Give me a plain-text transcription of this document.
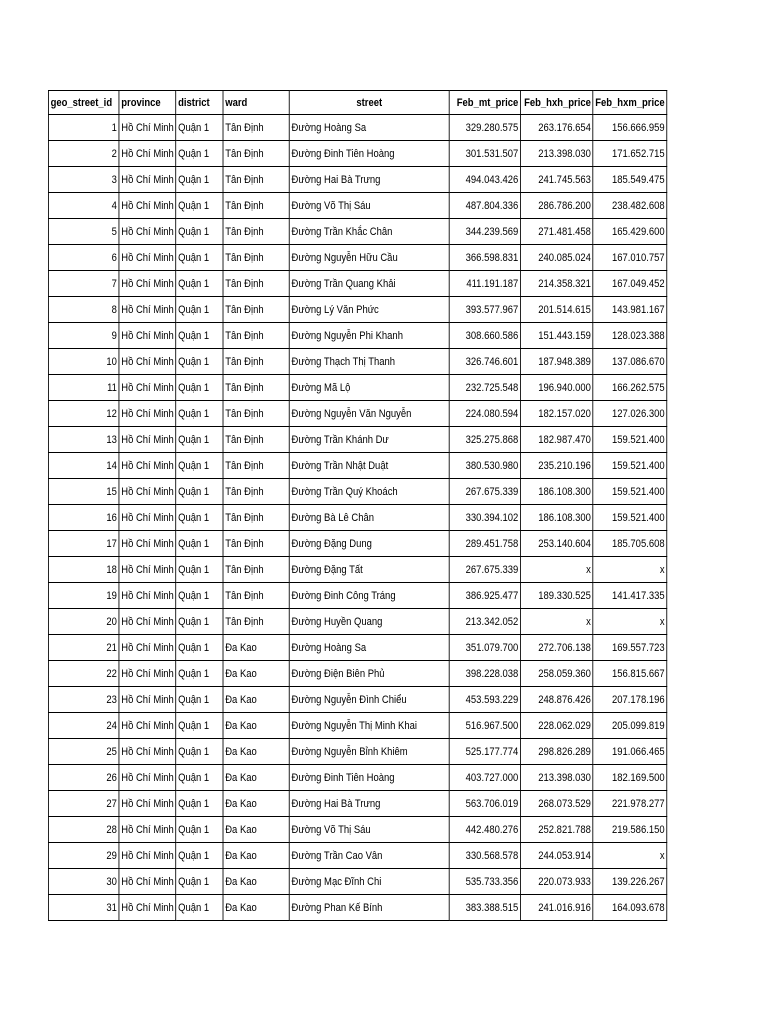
geo_street_id	province	district	ward	street	Feb_mt_price	Feb_hxh_price	Feb_hxm_price
1	Hồ Chí Minh	Quận 1	Tân Định	Đường Hoàng Sa	329.280.575	263.176.654	156.666.959
2	Hồ Chí Minh	Quận 1	Tân Định	Đường Đinh Tiên Hoàng	301.531.507	213.398.030	171.652.715
3	Hồ Chí Minh	Quận 1	Tân Định	Đường Hai Bà Trưng	494.043.426	241.745.563	185.549.475
4	Hồ Chí Minh	Quận 1	Tân Định	Đường Võ Thị Sáu	487.804.336	286.786.200	238.482.608
5	Hồ Chí Minh	Quận 1	Tân Định	Đường Trần Khắc Chân	344.239.569	271.481.458	165.429.600
6	Hồ Chí Minh	Quận 1	Tân Định	Đường Nguyễn Hữu Cầu	366.598.831	240.085.024	167.010.757
7	Hồ Chí Minh	Quận 1	Tân Định	Đường Trần Quang Khải	411.191.187	214.358.321	167.049.452
8	Hồ Chí Minh	Quận 1	Tân Định	Đường Lý Văn Phức	393.577.967	201.514.615	143.981.167
9	Hồ Chí Minh	Quận 1	Tân Định	Đường Nguyễn Phi Khanh	308.660.586	151.443.159	128.023.388
10	Hồ Chí Minh	Quận 1	Tân Định	Đường Thạch Thị Thanh	326.746.601	187.948.389	137.086.670
11	Hồ Chí Minh	Quận 1	Tân Định	Đường Mã Lộ	232.725.548	196.940.000	166.262.575
12	Hồ Chí Minh	Quận 1	Tân Định	Đường Nguyễn Văn Nguyễn	224.080.594	182.157.020	127.026.300
13	Hồ Chí Minh	Quận 1	Tân Định	Đường Trần Khánh Dư	325.275.868	182.987.470	159.521.400
14	Hồ Chí Minh	Quận 1	Tân Định	Đường Trần Nhật Duật	380.530.980	235.210.196	159.521.400
15	Hồ Chí Minh	Quận 1	Tân Định	Đường Trần Quý Khoách	267.675.339	186.108.300	159.521.400
16	Hồ Chí Minh	Quận 1	Tân Định	Đường Bà Lê Chân	330.394.102	186.108.300	159.521.400
17	Hồ Chí Minh	Quận 1	Tân Định	Đường Đặng Dung	289.451.758	253.140.604	185.705.608
18	Hồ Chí Minh	Quận 1	Tân Định	Đường Đặng Tất	267.675.339	x	x
19	Hồ Chí Minh	Quận 1	Tân Định	Đường Đinh Công Tráng	386.925.477	189.330.525	141.417.335
20	Hồ Chí Minh	Quận 1	Tân Định	Đường Huyền Quang	213.342.052	x	x
21	Hồ Chí Minh	Quận 1	Đa Kao	Đường Hoàng Sa	351.079.700	272.706.138	169.557.723
22	Hồ Chí Minh	Quận 1	Đa Kao	Đường Điện Biên Phủ	398.228.038	258.059.360	156.815.667
23	Hồ Chí Minh	Quận 1	Đa Kao	Đường Nguyễn Đình Chiểu	453.593.229	248.876.426	207.178.196
24	Hồ Chí Minh	Quận 1	Đa Kao	Đường Nguyễn Thị Minh Khai	516.967.500	228.062.029	205.099.819
25	Hồ Chí Minh	Quận 1	Đa Kao	Đường Nguyễn Bỉnh Khiêm	525.177.774	298.826.289	191.066.465
26	Hồ Chí Minh	Quận 1	Đa Kao	Đường Đinh Tiên Hoàng	403.727.000	213.398.030	182.169.500
27	Hồ Chí Minh	Quận 1	Đa Kao	Đường Hai Bà Trưng	563.706.019	268.073.529	221.978.277
28	Hồ Chí Minh	Quận 1	Đa Kao	Đường Võ Thị Sáu	442.480.276	252.821.788	219.586.150
29	Hồ Chí Minh	Quận 1	Đa Kao	Đường Trần Cao Vân	330.568.578	244.053.914	x
30	Hồ Chí Minh	Quận 1	Đa Kao	Đường Mạc Đĩnh Chi	535.733.356	220.073.933	139.226.267
31	Hồ Chí Minh	Quận 1	Đa Kao	Đường Phan Kế Bính	383.388.515	241.016.916	164.093.678
